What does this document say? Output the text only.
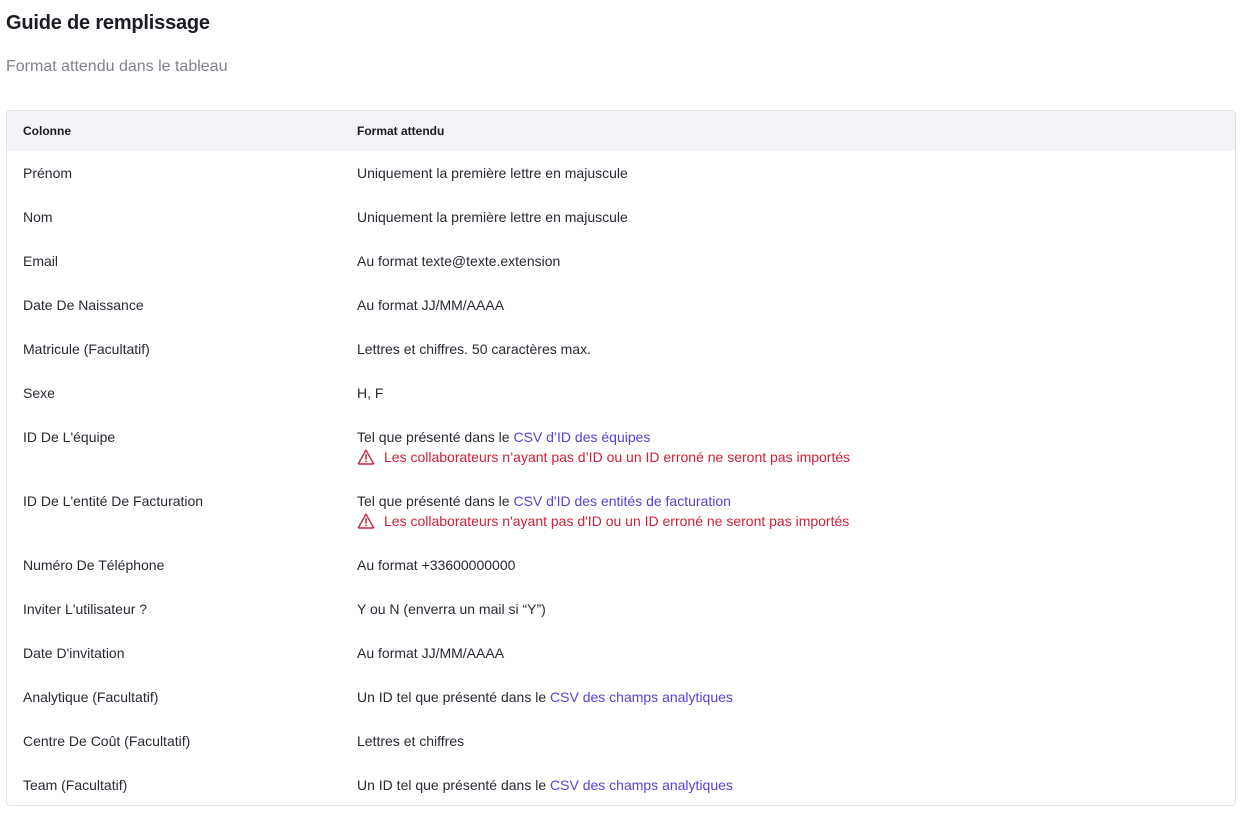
Guide de remplissage

Format attendu dans le tableau

Colonne	Format attendu
Prénom	Uniquement la première lettre en majuscule
Nom	Uniquement la première lettre en majuscule
Email	Au format texte@texte.extension
Date De Naissance	Au format JJ/MM/AAAA
Matricule (Facultatif)	Lettres et chiffres. 50 caractères max.
Sexe	H, F
ID De L'équipe	Tel que présenté dans le CSV d’ID des équipes
Les collaborateurs n’ayant pas d’ID ou un ID erroné ne seront pas importés
ID De L'entité De Facturation	Tel que présenté dans le CSV d'ID des entités de facturation
Les collaborateurs n'ayant pas d'ID ou un ID erroné ne seront pas importés
Numéro De Téléphone	Au format +33600000000
Inviter L'utilisateur ?	Y ou N (enverra un mail si “Y”)
Date D'invitation	Au format JJ/MM/AAAA
Analytique (Facultatif)	Un ID tel que présenté dans le CSV des champs analytiques
Centre De Coût (Facultatif)	Lettres et chiffres
Team (Facultatif)	Un ID tel que présenté dans le CSV des champs analytiques
